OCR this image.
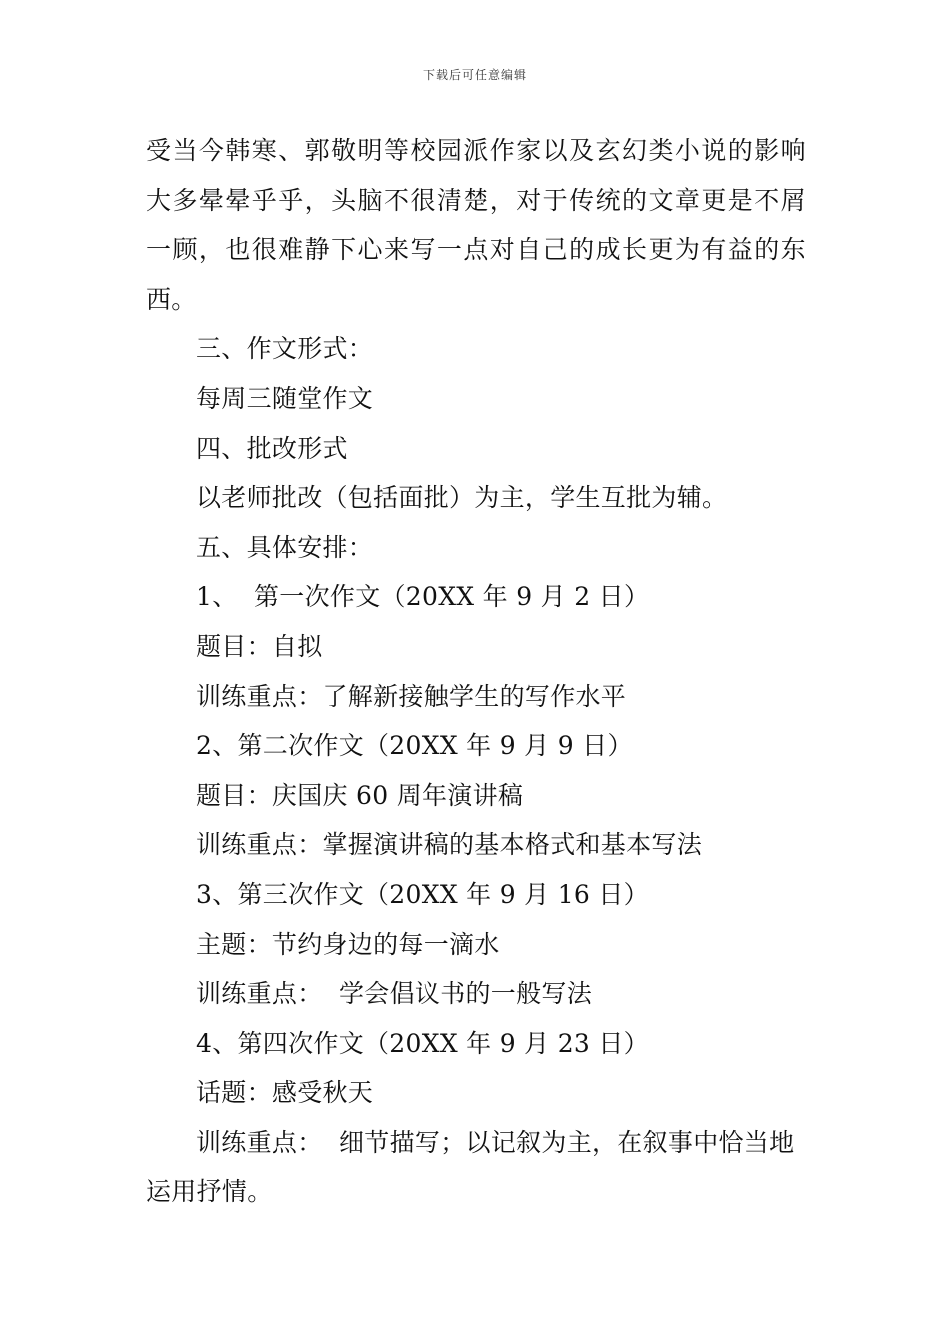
下载后可任意编辑
受当今韩寒、郭敬明等校园派作家以及玄幻类小说的影响
大多晕晕乎乎，头脑不很清楚，对于传统的文章更是不屑
一顾，也很难静下心来写一点对自己的成长更为有益的东
西。
三、作文形式：
每周三随堂作文
四、批改形式
以老师批改（包括面批）为主，学生互批为辅。
五、具体安排：
1、  第一次作文（20XX 年 9 月 2 日）
题目：自拟
训练重点：了解新接触学生的写作水平
2、第二次作文（20XX 年 9 月 9 日）
题目：庆国庆 60 周年演讲稿
训练重点：掌握演讲稿的基本格式和基本写法
3、第三次作文（20XX 年 9 月 16 日）
主题：节约身边的每一滴水
训练重点：  学会倡议书的一般写法
4、第四次作文（20XX 年 9 月 23 日）
话题：感受秋天
训练重点：  细节描写；以记叙为主，在叙事中恰当地
运用抒情。
